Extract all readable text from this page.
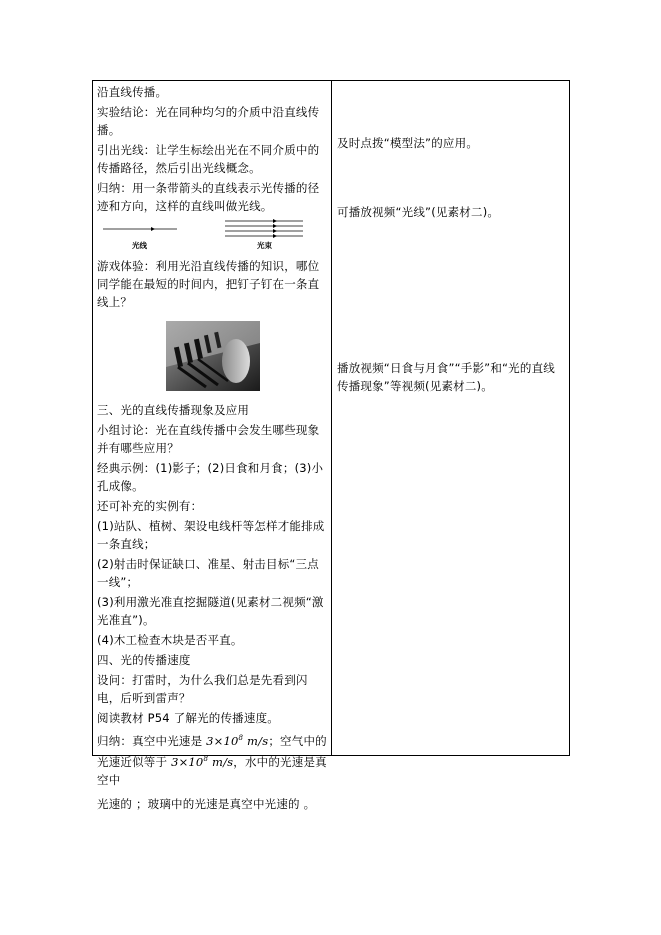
沿直线传播。

实验结论：光在同种均匀的介质中沿直线传播。

引出光线：让学生标绘出光在不同介质中的传播路径，然后引出光线概念。

归纳：用一条带箭头的直线表示光传播的径迹和方向，这样的直线叫做光线。

光线	光束

游戏体验：利用光沿直线传播的知识，哪位同学能在最短的时间内，把钉子钉在一条直线上？

三、光的直线传播现象及应用

小组讨论：光在直线传播中会发生哪些现象并有哪些应用？

经典示例：(1)影子；(2)日食和月食；(3)小孔成像。

还可补充的实例有：

(1)站队、植树、架设电线杆等怎样才能排成一条直线；

(2)射击时保证缺口、准星、射击目标“三点一线”；

(3)利用激光准直挖掘隧道(见素材二视频“激光准直”)。

(4)木工检查木块是否平直。

四、光的传播速度

设问：打雷时，为什么我们总是先看到闪电，后听到雷声？

阅读教材 P54 了解光的传播速度。

归纳：真空中光速是 $3\times 10^8$ m/s；空气中的光速近似等于 $3\times 10^8$ m/s，水中的光速是真空中

光速的 ；玻璃中的光速是真空中光速的 。

及时点拨“模型法”的应用。

可播放视频“光线”(见素材二)。

播放视频“日食与月食”“手影”和“光的直线传播现象”等视频(见素材二)。
